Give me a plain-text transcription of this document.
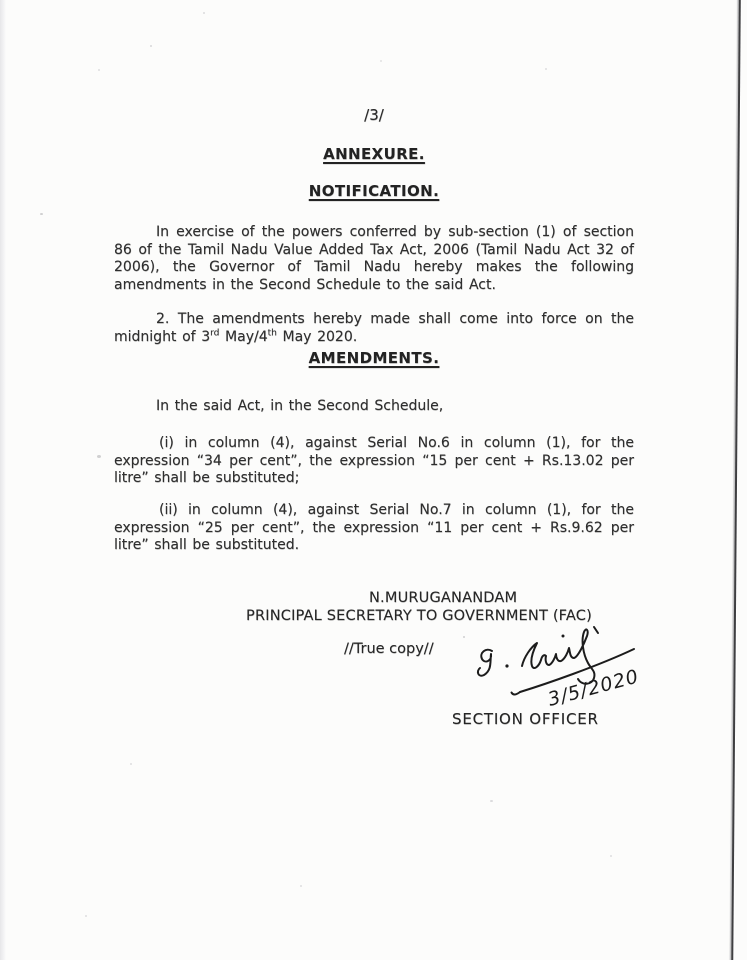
/3/
ANNEXURE.
NOTIFICATION.

In exercise of the powers conferred by sub-section (1) of section 86 of the Tamil Nadu Value Added Tax Act, 2006 (Tamil Nadu Act 32 of 2006), the Governor of Tamil Nadu hereby makes the following amendments in the Second Schedule to the said Act.

2. The amendments hereby made shall come into force on the midnight of 3rd May/4th May 2020.

AMENDMENTS.

In the said Act, in the Second Schedule,

(i) in column (4), against Serial No.6 in column (1), for the expression “34 per cent”, the expression “15 per cent + Rs.13.02 per litre” shall be substituted;

(ii) in column (4), against Serial No.7 in column (1), for the expression “25 per cent”, the expression “11 per cent + Rs.9.62 per litre” shall be substituted.

N.MURUGANANDAM
PRINCIPAL SECRETARY TO GOVERNMENT (FAC)
//True copy//
3/5/2020
SECTION OFFICER
